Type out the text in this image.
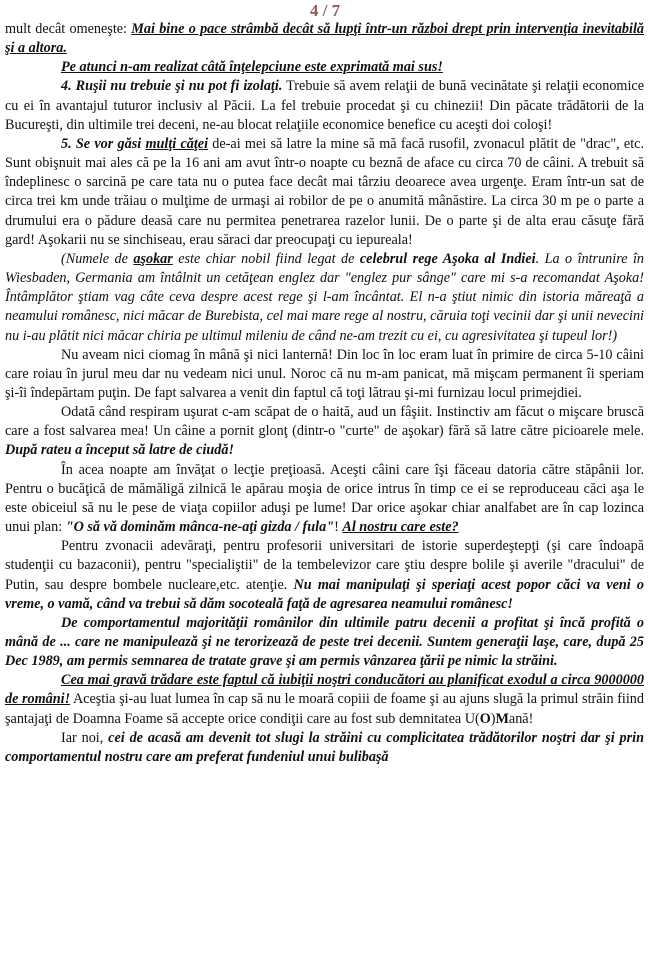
4 / 7

mult decât omeneşte: Mai bine o pace strâmbă decât să lupţi într-un război drept prin intervenţia inevitabilă şi a altora.

Pe atunci n-am realizat câtă înţelepciune este exprimată mai sus!

4. Ruşii nu trebuie şi nu pot fi izolaţi. Trebuie să avem relaţii de bună vecinătate şi relaţii economice cu ei în avantajul tuturor inclusiv al Păcii. La fel trebuie procedat şi cu chinezii! Din păcate trădătorii de la Bucureşti, din ultimile trei deceni, ne-au blocat relaţiile economice benefice cu aceşti doi coloşi!

5. Se vor găsi mulţi căţei de-ai mei să latre la mine să mă facă rusofil, zvonacul plătit de "drac", etc. Sunt obişnuit mai ales că pe la 16 ani am avut într-o noapte cu beznă de aface cu circa 70 de câini. A trebuit să îndeplinesc o sarcină pe care tata nu o putea face decât mai târziu deoarece avea urgenţe. Eram într-un sat de circa trei km unde trăiau o mulţime de urmaşi ai robilor de pe o anumită mânăstire. La circa 30 m pe o parte a drumului era o pădure deasă care nu permitea penetrarea razelor lunii. De o parte şi de alta erau căsuţe fără gard! Aşokarii nu se sinchiseau, erau săraci dar preocupaţi cu iepureala!

(Numele de aşokar este chiar nobil fiind legat de celebrul rege Aşoka al Indiei. La o întrunire în Wiesbaden, Germania am întâlnit un cetăţean englez dar "englez pur sânge" care mi s-a recomandat Aşoka! Întâmplător ştiam vag câte ceva despre acest rege şi l-am încântat. El n-a ştiut nimic din istoria măreaţă a neamului românesc, nici măcar de Burebista, cel mai mare rege al nostru, căruia toţi vecinii dar şi unii nevecini nu i-au plătit nici măcar chiria pe ultimul mileniu de când ne-am trezit cu ei, cu agresivitatea şi tupeul lor!)

Nu aveam nici ciomag în mână şi nici lanternă! Din loc în loc eram luat în primire de circa 5-10 câini care roiau în jurul meu dar nu vedeam nici unul. Noroc că nu m-am panicat, mă mişcam permanent îi speriam şi-îi îndepărtam puţin. De fapt salvarea a venit din faptul că toţi lătrau şi-mi furnizau locul primejdiei.

Odată când respiram uşurat c-am scăpat de o haită, aud un fâşiit. Instinctiv am făcut o mişcare bruscă care a fost salvarea mea! Un câine a pornit glonţ (dintr-o "curte" de aşokar) fără să latre către picioarele mele. După rateu a început să latre de ciudă!

În acea noapte am învăţat o lecţie preţioasă. Aceşti câini care îşi făceau datoria către stăpânii lor. Pentru o bucăţică de mămăligă zilnică le apărau moşia de orice intrus în timp ce ei se reproduceau căci aşa le este obiceiul să nu le pese de viaţa copiilor aduşi pe lume! Dar orice aşokar chiar analfabet are în cap lozinca unui plan: "O să vă dominăm mânca-ne-aţi gizda / fula"! Al nostru care este?

Pentru zvonacii adevăraţi, pentru profesorii universitari de istorie superdeştepţi (şi care îndoapă studenţii cu bazaconii), pentru "specialiştii" de la tembelevizor care ştiu despre bolile şi averile "dracului" de Putin, sau despre bombele nucleare,etc. atenţie. Nu mai manipulaţi şi speriaţi acest popor căci va veni o vreme, o vamă, când va trebui să dăm socoteală faţă de agresarea neamului românesc!

De comportamentul majorităţii românilor din ultimile patru decenii a profitat şi încă profită o mână de ... care ne manipulează şi ne terorizează de peste trei decenii. Suntem generaţii laşe, care, după 25 Dec 1989, am permis semnarea de tratate grave şi am permis vânzarea ţării pe nimic la străini.

Cea mai gravă trădare este faptul că iubiţii noştri conducători au planificat exodul a circa 9000000 de români! Aceştia şi-au luat lumea în cap să nu le moară copiii de foame şi au ajuns slugă la primul străin fiind şantajaţi de Doamna Foame să accepte orice condiţii care au fost sub demnitatea U(O)Mană!

Iar noi, cei de acasă am devenit tot slugi la străini cu complicitatea trădătorilor noştri dar şi prin comportamentul nostru care am preferat fundeniul unui bulibaşă
